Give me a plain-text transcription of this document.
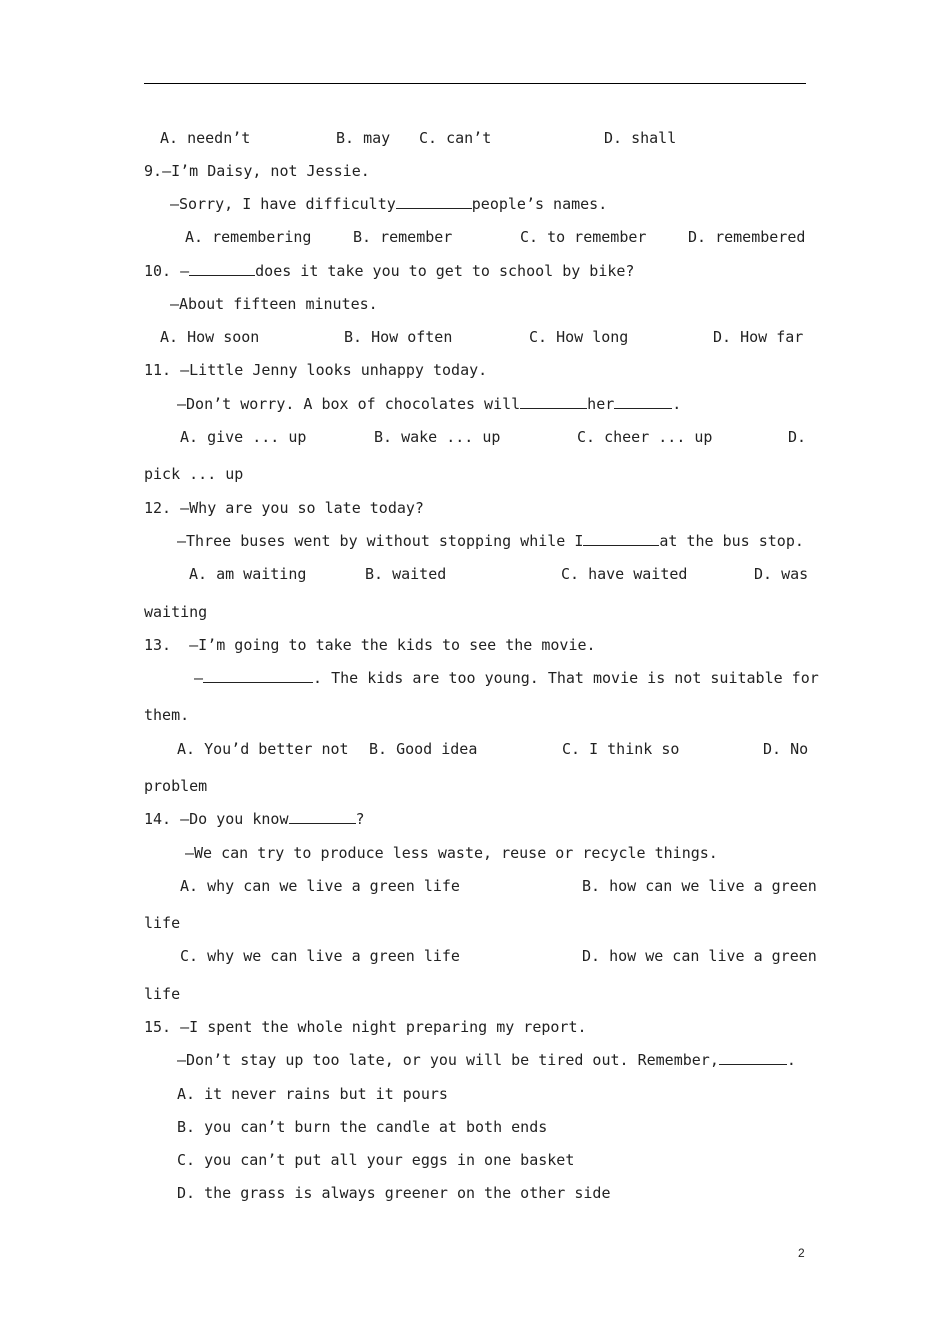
A. needn’t	B. may C. can’t	D. shall
9.—I’m Daisy, not Jessie.
—Sorry, I have difficulty	people’s names.
A. remembering	B. remember	C. to remember	D. remembered
10. —	does it take you to get to school by bike?
—About fifteen minutes.
A. How soon	B. How often	C. How long	D. How far
11. —Little Jenny looks unhappy today.
—Don’t worry. A box of chocolates will	her	.
A. give ... up	B. wake ... up	C. cheer ... up	D.
pick ... up
12. —Why are you so late today?
—Three buses went by without stopping while I	at the bus stop.
A. am waiting	B. waited	C. have waited	D. was
waiting
13. —I’m going to take the kids to see the movie.
—	. The kids are too young. That movie is not suitable for
them.
A. You’d better not B. Good idea	C. I think so	D. No
problem
14. —Do you know	?
—We can try to produce less waste, reuse or recycle things.
A. why can we live a green life	B. how can we live a green
life
C. why we can live a green life	D. how we can live a green
life
15. —I spent the whole night preparing my report.
—Don’t stay up too late, or you will be tired out. Remember,	.
A. it never rains but it pours
B. you can’t burn the candle at both ends
C. you can’t put all your eggs in one basket
D. the grass is always greener on the other side
2
